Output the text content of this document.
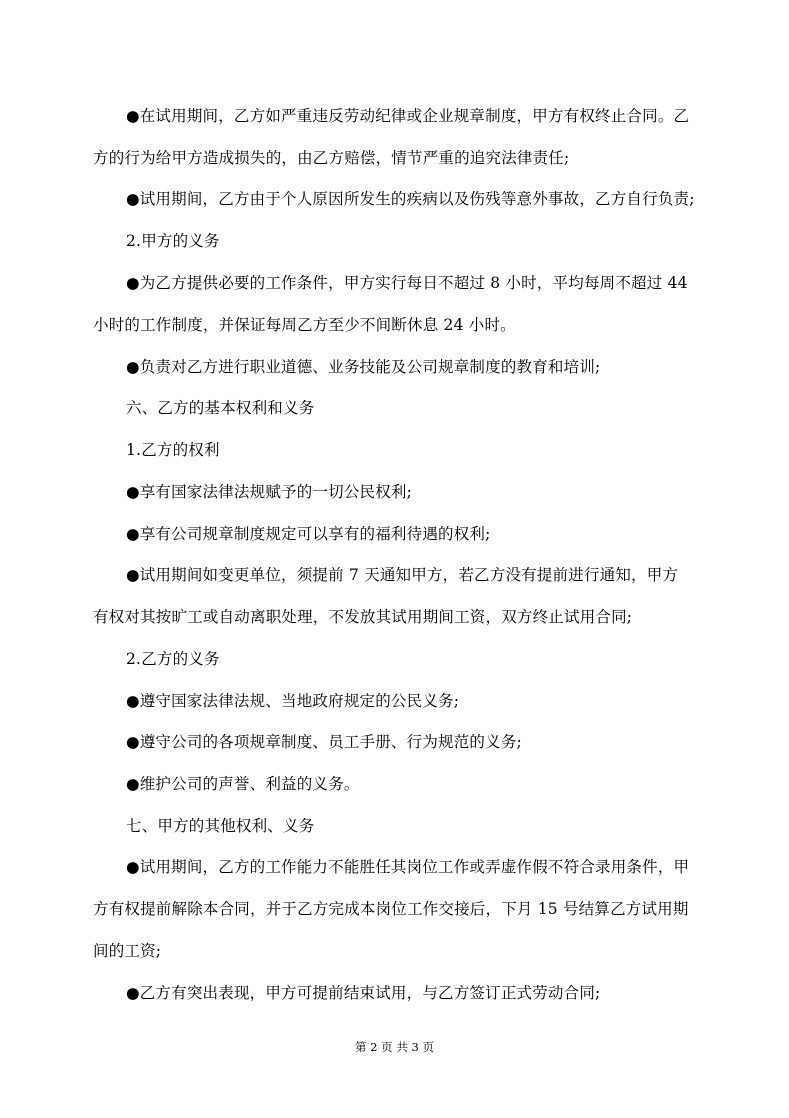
●在试用期间，乙方如严重违反劳动纪律或企业规章制度，甲方有权终止合同。乙
方的行为给甲方造成损失的，由乙方赔偿，情节严重的追究法律责任;
●试用期间，乙方由于个人原因所发生的疾病以及伤残等意外事故，乙方自行负责;
2.甲方的义务
●为乙方提供必要的工作条件，甲方实行每日不超过 8 小时，平均每周不超过 44
小时的工作制度，并保证每周乙方至少不间断休息 24 小时。
●负责对乙方进行职业道德、业务技能及公司规章制度的教育和培训;
六、乙方的基本权利和义务
1.乙方的权利
●享有国家法律法规赋予的一切公民权利;
●享有公司规章制度规定可以享有的福利待遇的权利;
●试用期间如变更单位，须提前 7 天通知甲方，若乙方没有提前进行通知，甲方
有权对其按旷工或自动离职处理，不发放其试用期间工资，双方终止试用合同;
2.乙方的义务
●遵守国家法律法规、当地政府规定的公民义务;
●遵守公司的各项规章制度、员工手册、行为规范的义务;
●维护公司的声誉、利益的义务。
七、甲方的其他权利、义务
●试用期间，乙方的工作能力不能胜任其岗位工作或弄虚作假不符合录用条件，甲
方有权提前解除本合同，并于乙方完成本岗位工作交接后，下月 15 号结算乙方试用期
间的工资;
●乙方有突出表现，甲方可提前结束试用，与乙方签订正式劳动合同;
第 2 页 共 3 页
